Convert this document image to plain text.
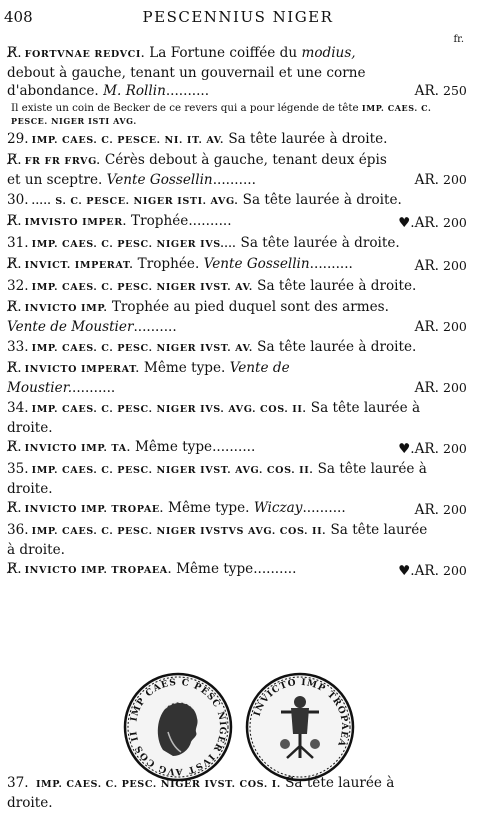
408	PESCENNIUS NIGER
fr.
R̸. FORTVNAE REDVCI. La Fortune coiffée du modius, debout à gauche, tenant un gouvernail et une corne d'abondance. M. Rollin..........	AR. 250
Il existe un coin de Becker de ce revers qui a pour légende de tête IMP. CAES. C. PESCE. NIGER ISTI AVG.
29. IMP. CAES. C. PESCE. NI. IT. AV. Sa tête laurée à droite.
R̸. FR FR FRVG. Cérès debout à gauche, tenant deux épis et un sceptre. Vente Gossellin..........	AR. 200
30. ..... S. C. PESCE. NIGER ISTI. AVG. Sa tête laurée à droite.
R̸. IMVISTO IMPER. Trophée..........	♥.AR. 200
31. IMP. CAES. C. PESC. NIGER IVS.... Sa tête laurée à droite.
R̸. INVICT. IMPERAT. Trophée. Vente Gossellin..........	AR. 200
32. IMP. CAES. C. PESC. NIGER IVST. AV. Sa tête laurée à droite.
R̸. INVICTO IMP. Trophée au pied duquel sont des armes. Vente de Moustier..........	AR. 200
33. IMP. CAES. C. PESC. NIGER IVST. AV. Sa tête laurée à droite.
R̸. INVICTO IMPERAT. Même type. Vente de Moustier...........	AR. 200
34. IMP. CAES. C. PESC. NIGER IVS. AVG. COS. II. Sa tête laurée à droite.
R̸. INVICTO IMP. TA. Même type..........	♥.AR. 200
35. IMP. CAES. C. PESC. NIGER IVST. AVG. COS. II. Sa tête laurée à droite.
R̸. INVICTO IMP. TROPAE. Même type. Wiczay..........	AR. 200
36. IMP. CAES. C. PESC. NIGER IVSTVS AVG. COS. II. Sa tête laurée à droite.
R̸. INVICTO IMP. TROPAEA. Même type..........	♥.AR. 200
IMP CAES C PESC NIGER IVST AVG COS II
INVICTO IMP TROPAEA
37. IMP. CAES. C. PESC. NIGER IVST. COS. I. Sa tête laurée à droite.
